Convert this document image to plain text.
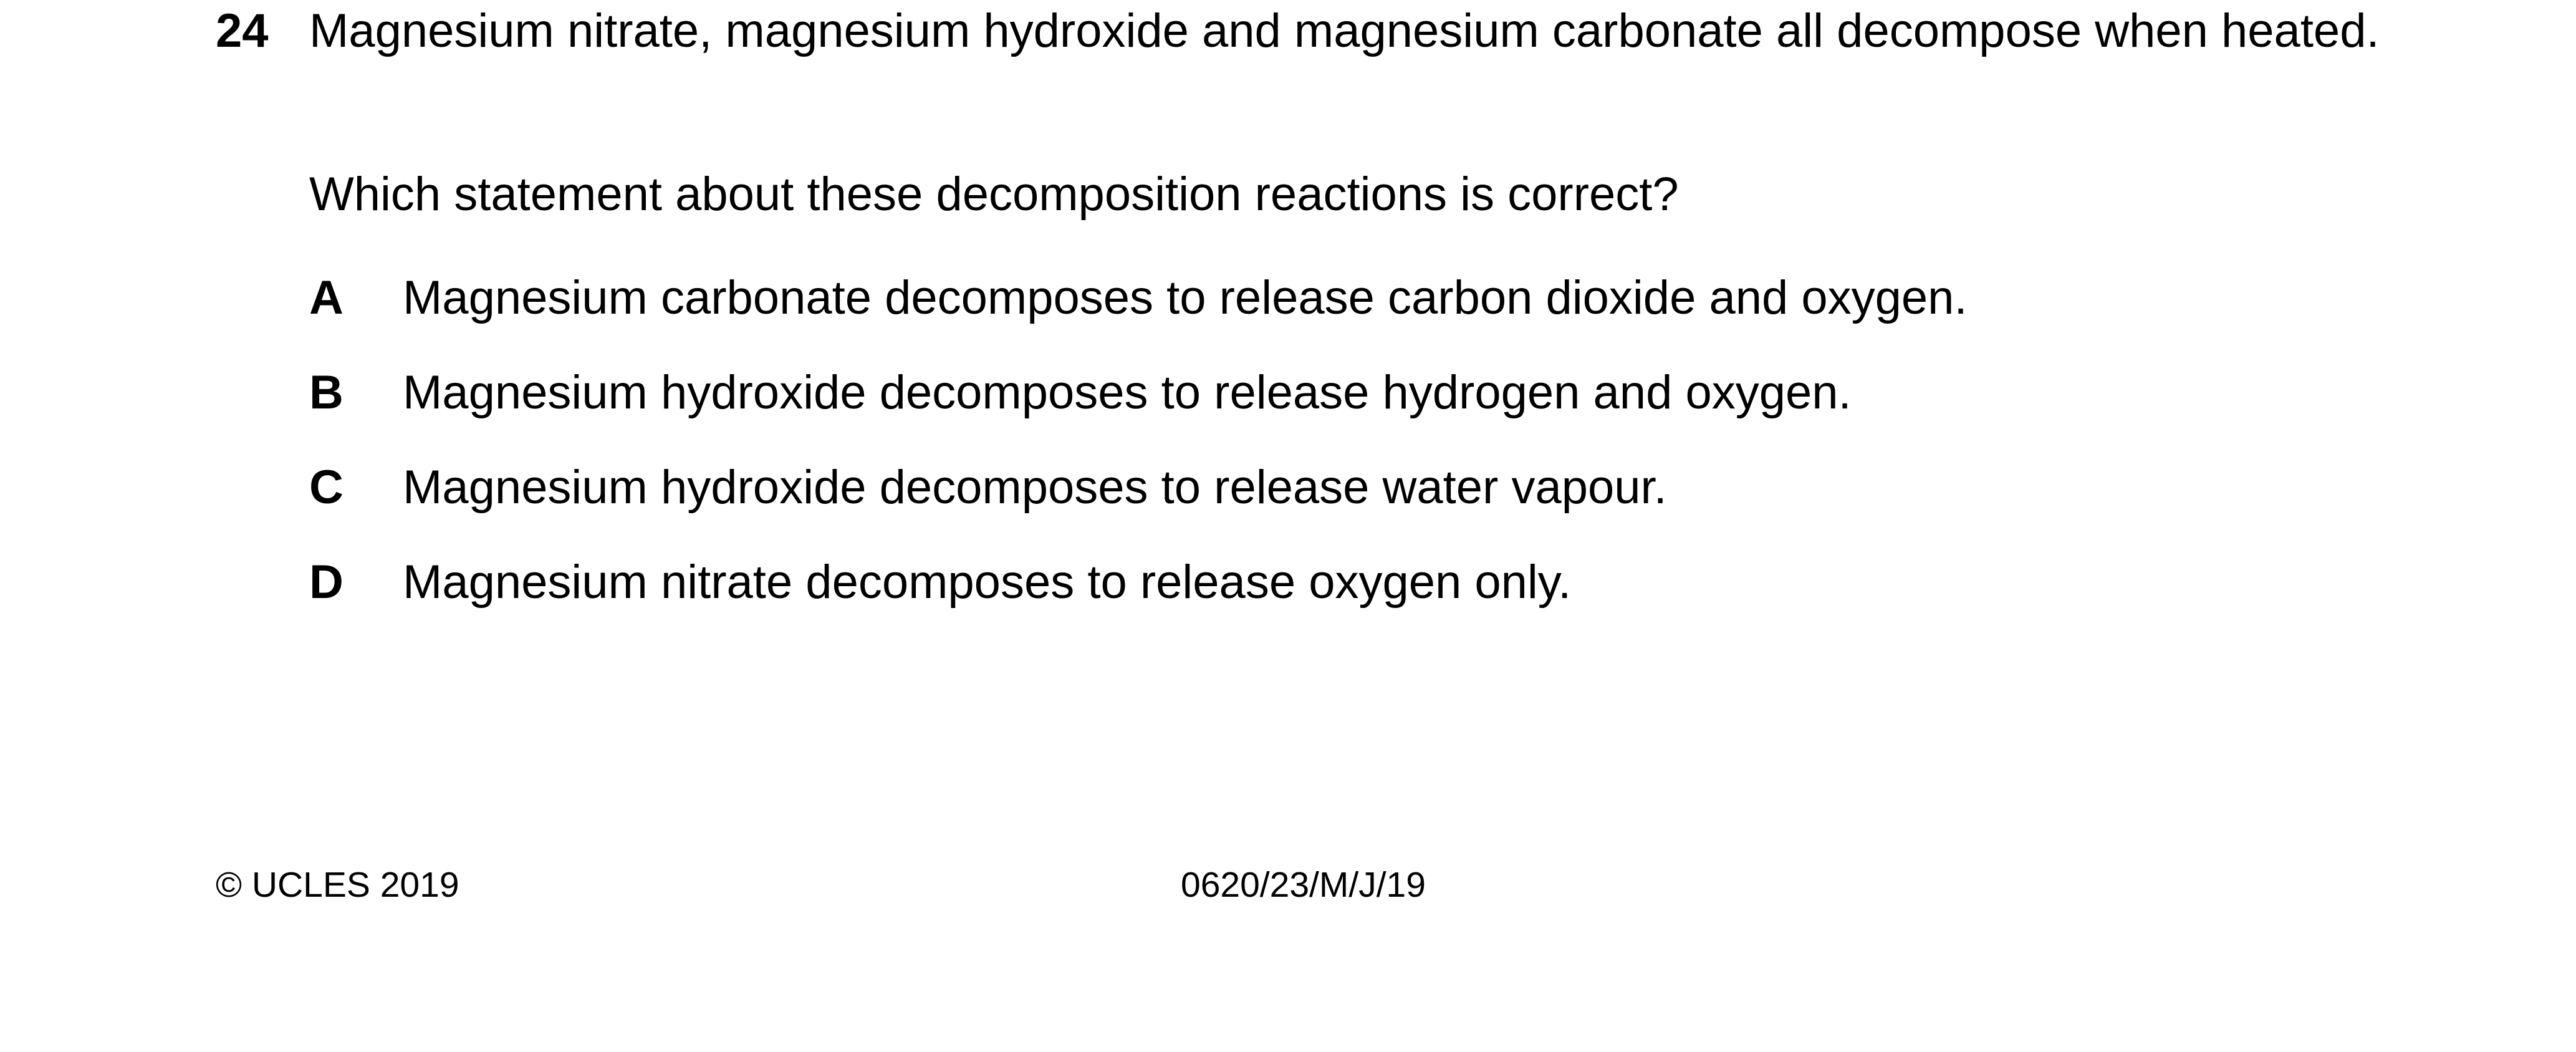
24 Magnesium nitrate, magnesium hydroxide and magnesium carbonate all decompose when heated.
Which statement about these decomposition reactions is correct?
A Magnesium carbonate decomposes to release carbon dioxide and oxygen.
B Magnesium hydroxide decomposes to release hydrogen and oxygen.
C Magnesium hydroxide decomposes to release water vapour.
D Magnesium nitrate decomposes to release oxygen only.
© UCLES 2019	0620/23/M/J/19
